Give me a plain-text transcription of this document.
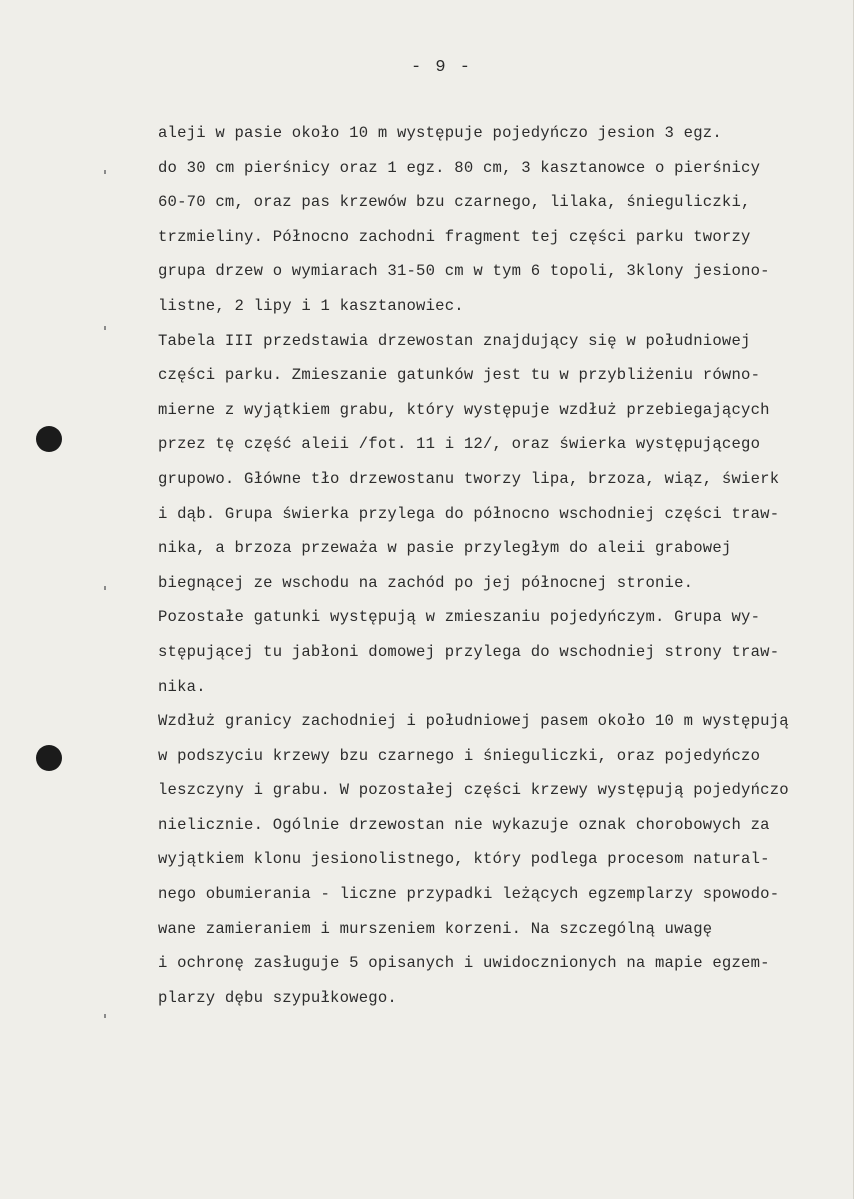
- 9 -
aleji w pasie około 10 m występuje pojedyńczo jesion 3 egz.
do 30 cm pierśnicy oraz 1 egz. 80 cm, 3 kasztanowce o pierśnicy
60-70 cm, oraz pas krzewów bzu czarnego, lilaka, śnieguliczki,
trzmieliny. Północno zachodni fragment tej części parku tworzy
grupa drzew o wymiarach 31-50 cm w tym 6 topoli, 3klony jesiono-
listne, 2 lipy i 1 kasztanowiec.
Tabela III przedstawia drzewostan znajdujący się w południowej
części parku. Zmieszanie gatunków jest tu w przybliżeniu równo-
mierne z wyjątkiem grabu, który występuje wzdłuż przebiegających
przez tę część aleii /fot. 11 i 12/, oraz świerka występującego
grupowo. Główne tło drzewostanu tworzy lipa, brzoza, wiąz, świerk
i dąb. Grupa świerka przylega do północno wschodniej części traw-
nika, a brzoza przeważa w pasie przyległym do aleii grabowej
biegnącej ze wschodu na zachód po jej północnej stronie.
Pozostałe gatunki występują w zmieszaniu pojedyńczym. Grupa wy-
stępującej tu jabłoni domowej przylega do wschodniej strony traw-
nika.
Wzdłuż granicy zachodniej i południowej pasem około 10 m występują
w podszyciu krzewy bzu czarnego i śnieguliczki, oraz pojedyńczo
leszczyny i grabu. W pozostałej części krzewy występują pojedyńczo
nielicznie. Ogólnie drzewostan nie wykazuje oznak chorobowych za
wyjątkiem klonu jesionolistnego, który podlega procesom natural-
nego obumierania - liczne przypadki leżących egzemplarzy spowodo-
wane zamieraniem i murszeniem korzeni. Na szczególną uwagę
i ochronę zasługuje 5 opisanych i uwidocznionych na mapie egzem-
plarzy dębu szypułkowego.
